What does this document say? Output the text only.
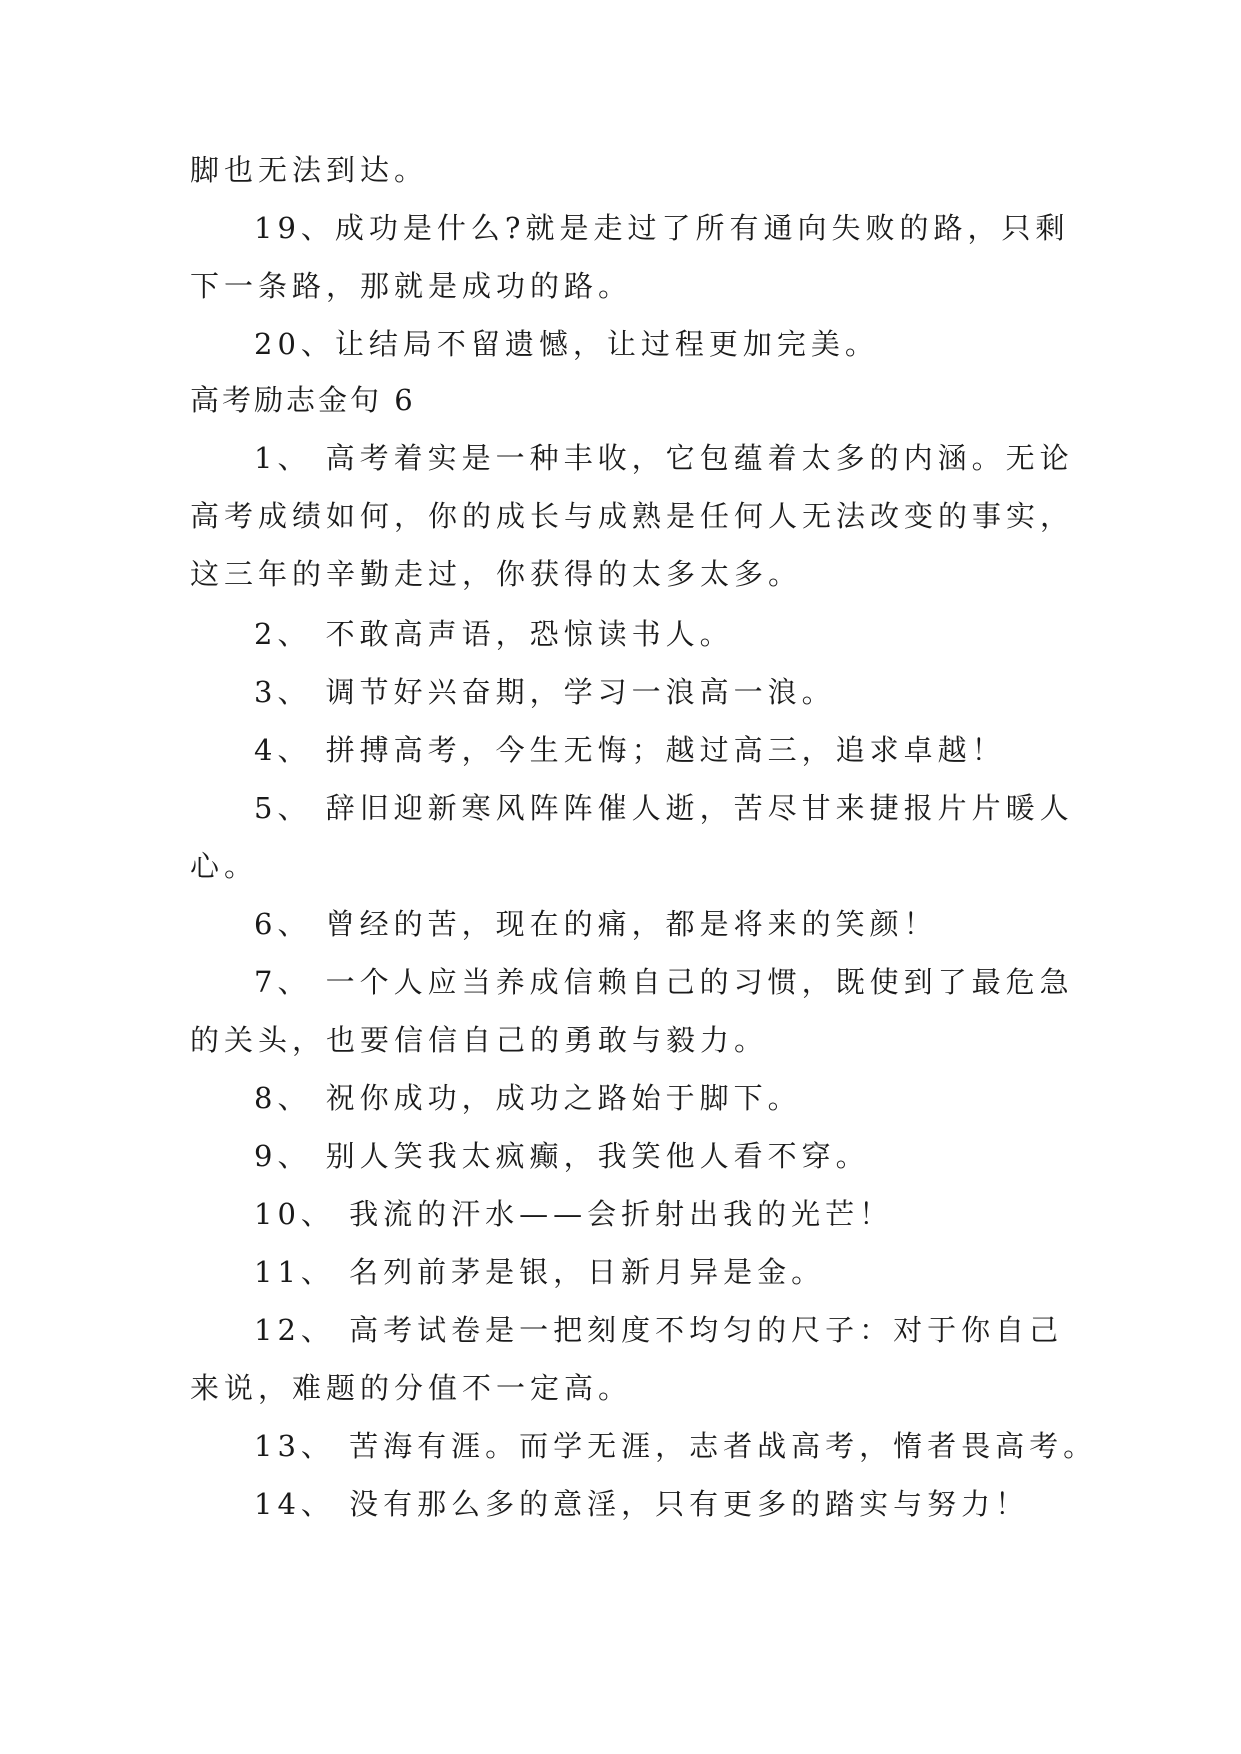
脚也无法到达。
19、成功是什么?就是走过了所有通向失败的路，只剩
下一条路，那就是成功的路。
20、让结局不留遗憾，让过程更加完美。
高考励志金句 6
1、 高考着实是一种丰收，它包蕴着太多的内涵。无论
高考成绩如何，你的成长与成熟是任何人无法改变的事实，
这三年的辛勤走过，你获得的太多太多。
2、 不敢高声语，恐惊读书人。
3、 调节好兴奋期，学习一浪高一浪。
4、 拼搏高考，今生无悔；越过高三，追求卓越！
5、 辞旧迎新寒风阵阵催人逝，苦尽甘来捷报片片暖人
心。
6、 曾经的苦，现在的痛，都是将来的笑颜！
7、 一个人应当养成信赖自己的习惯，既使到了最危急
的关头，也要信信自己的勇敢与毅力。
8、 祝你成功，成功之路始于脚下。
9、 别人笑我太疯癫，我笑他人看不穿。
10、 我流的汗水——会折射出我的光芒！
11、 名列前茅是银，日新月异是金。
12、 高考试卷是一把刻度不均匀的尺子：对于你自己
来说，难题的分值不一定高。
13、 苦海有涯。而学无涯，志者战高考，惰者畏高考。
14、 没有那么多的意淫，只有更多的踏实与努力！
